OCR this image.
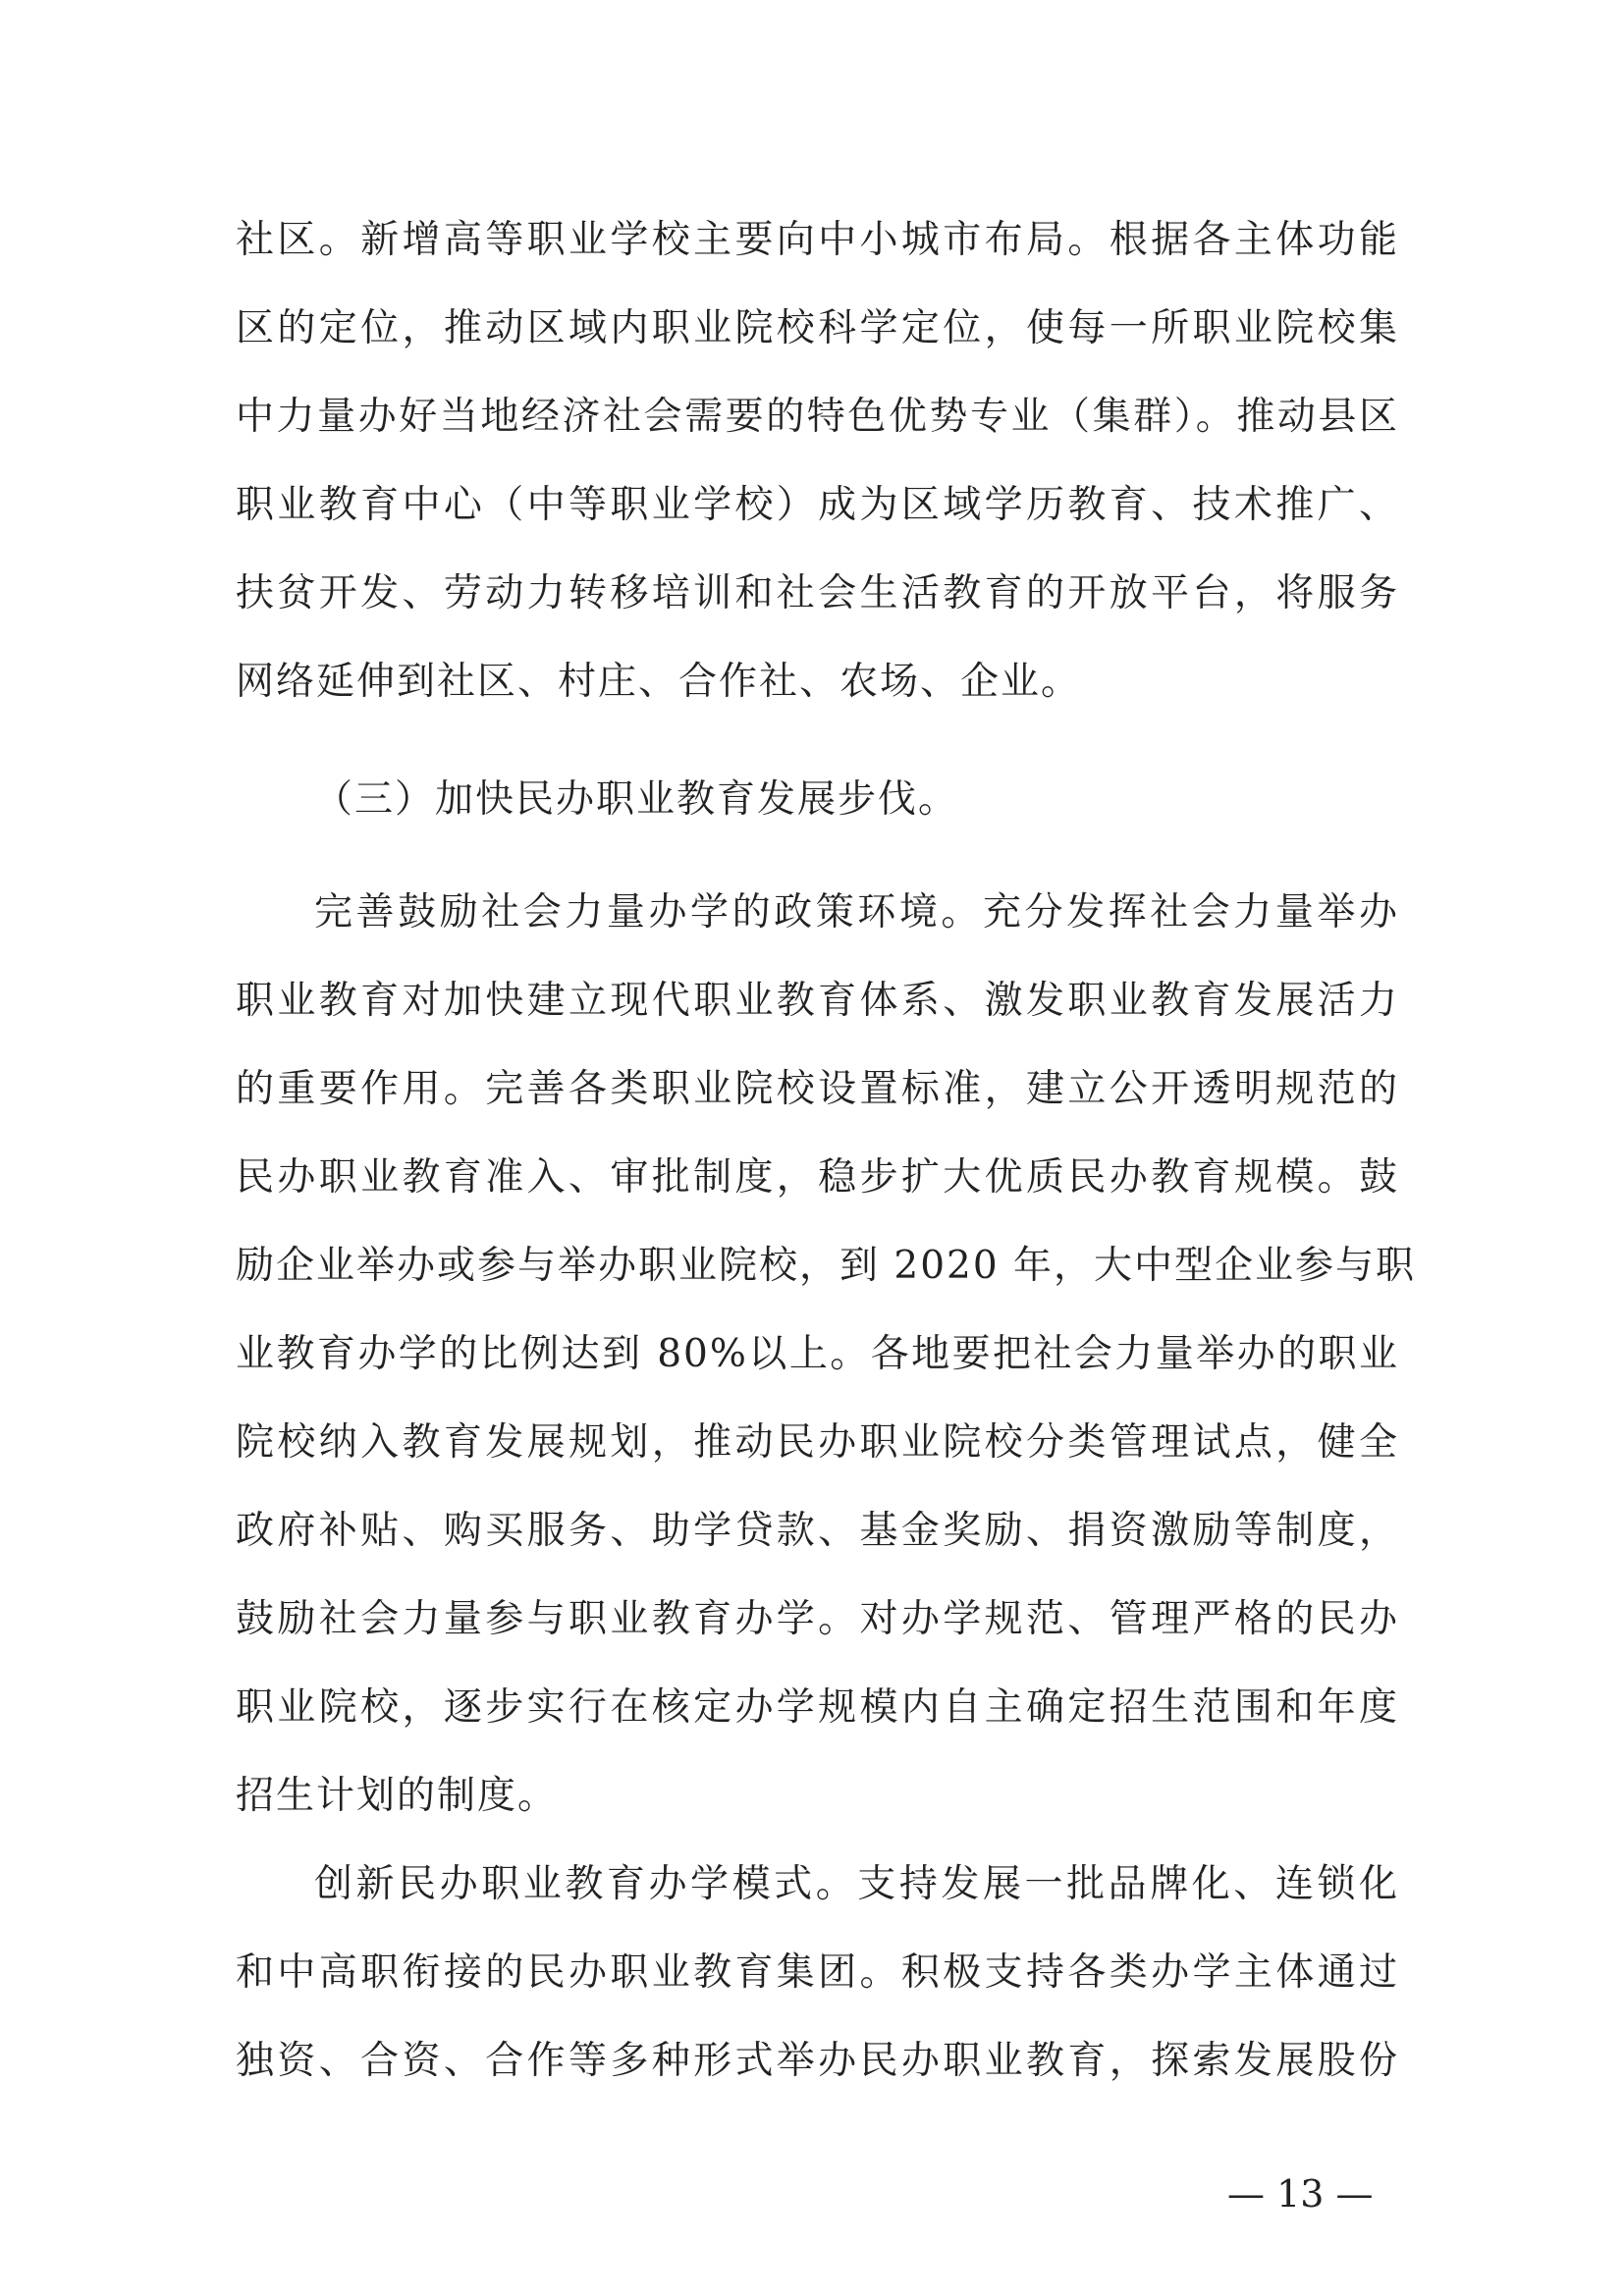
社区。新增高等职业学校主要向中小城市布局。根据各主体功能
区的定位，推动区域内职业院校科学定位，使每一所职业院校集
中力量办好当地经济社会需要的特色优势专业（集群）。推动县区
职业教育中心（中等职业学校）成为区域学历教育、技术推广、
扶贫开发、劳动力转移培训和社会生活教育的开放平台，将服务
网络延伸到社区、村庄、合作社、农场、企业。
（三）加快民办职业教育发展步伐。
完善鼓励社会力量办学的政策环境。充分发挥社会力量举办
职业教育对加快建立现代职业教育体系、激发职业教育发展活力
的重要作用。完善各类职业院校设置标准，建立公开透明规范的
民办职业教育准入、审批制度，稳步扩大优质民办教育规模。鼓
励企业举办或参与举办职业院校，到 2020 年，大中型企业参与职
业教育办学的比例达到 80%以上。各地要把社会力量举办的职业
院校纳入教育发展规划，推动民办职业院校分类管理试点，健全
政府补贴、购买服务、助学贷款、基金奖励、捐资激励等制度，
鼓励社会力量参与职业教育办学。对办学规范、管理严格的民办
职业院校，逐步实行在核定办学规模内自主确定招生范围和年度
招生计划的制度。
创新民办职业教育办学模式。支持发展一批品牌化、连锁化
和中高职衔接的民办职业教育集团。积极支持各类办学主体通过
独资、合资、合作等多种形式举办民办职业教育，探索发展股份
— 13 —
